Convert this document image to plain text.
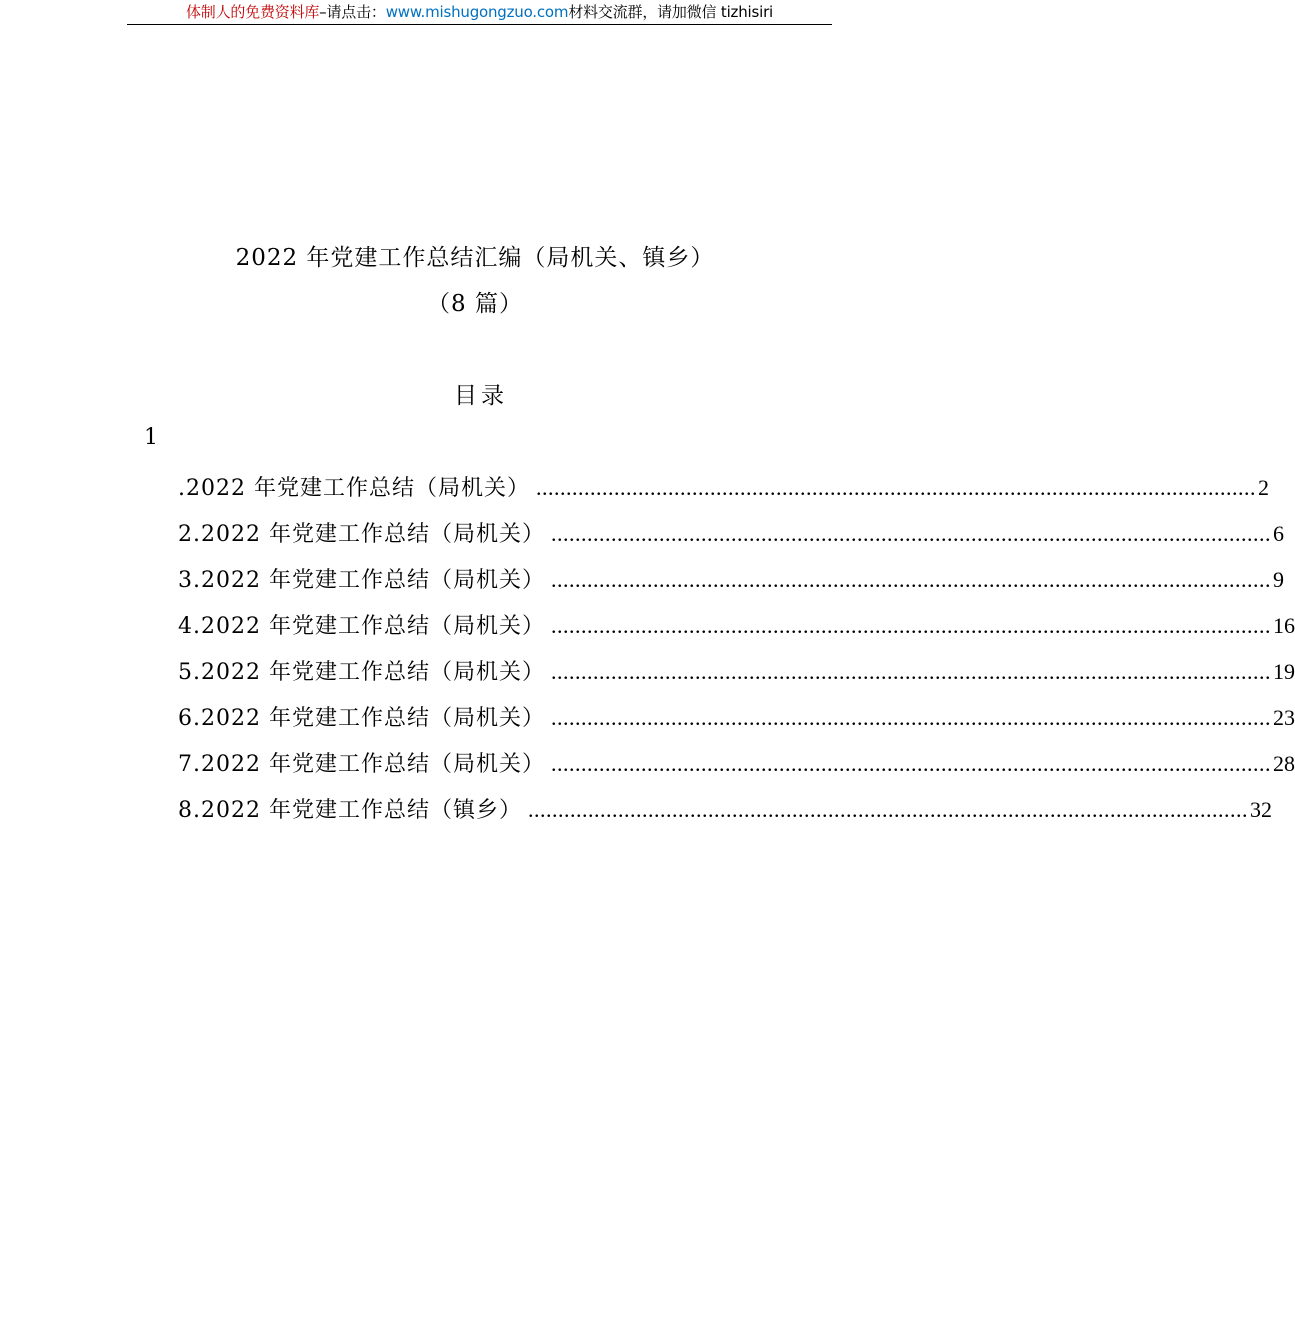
体制人的免费资料库–请点击：www.mishugongzuo.com材料交流群，请加微信 tizhisiri
2022 年党建工作总结汇编（局机关、镇乡）
（8 篇）
目录
1
.2022 年党建工作总结（局机关） ........................................................................................................................ 2
2.2022 年党建工作总结（局机关） ........................................................................................................................ 6
3.2022 年党建工作总结（局机关） ........................................................................................................................ 9
4.2022 年党建工作总结（局机关） ........................................................................................................................ 16
5.2022 年党建工作总结（局机关） ........................................................................................................................ 19
6.2022 年党建工作总结（局机关） ........................................................................................................................ 23
7.2022 年党建工作总结（局机关） ........................................................................................................................ 28
8.2022 年党建工作总结（镇乡） ........................................................................................................................ 32
